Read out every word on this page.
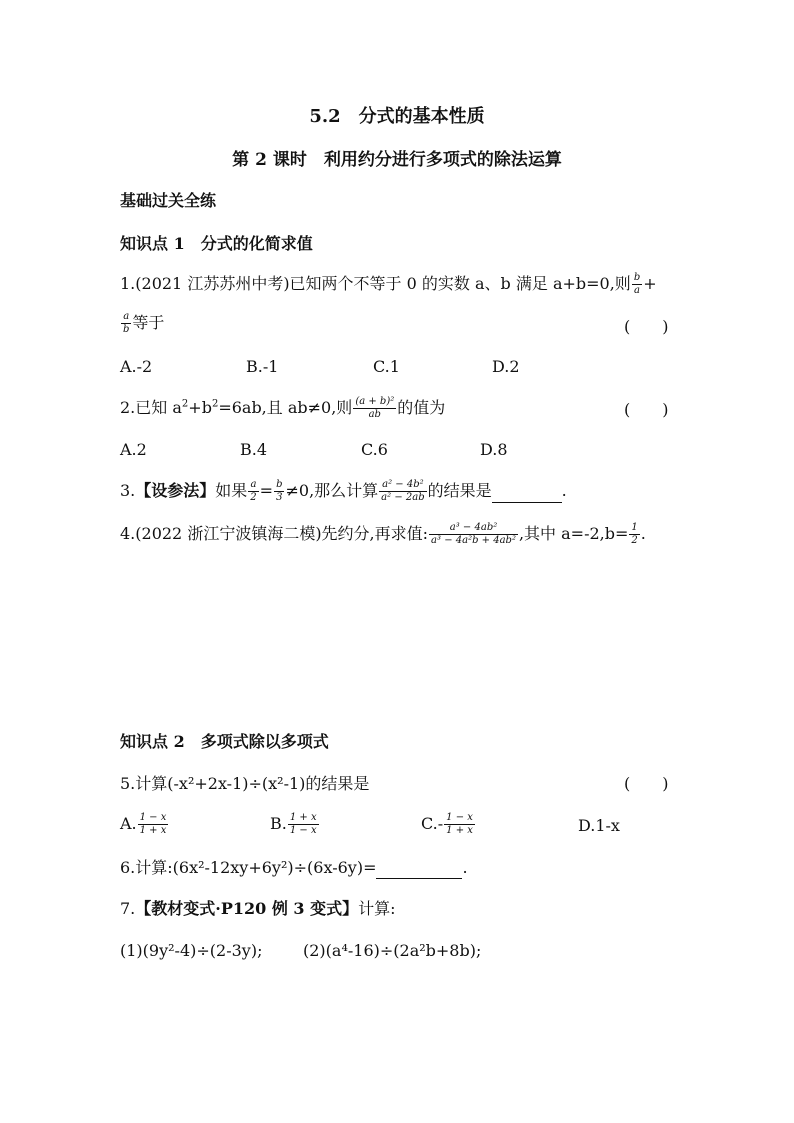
5.2　分式的基本性质
第 2 课时　利用约分进行多项式的除法运算
基础过关全练
知识点 1　分式的化简求值
1.(2021 江苏苏州中考)已知两个不等于 0 的实数 a、b 满足 a+b=0,则 $\frac{b}{a}$ +
$\frac{a}{b}$ 等于	(　　)
A.-2	B.-1	C.1	D.2
2.已知 $a^2+b^2=6ab$,且 ab≠0,则 $\frac{\text{(a + b)²}}{ab}$ 的值为	(　　)
A.2	B.4	C.6	D.8
3.【设参法】如果 $\frac{a}{2} = \frac{b}{3} \ne 0$,那么计算 $\frac{\text{a² − 4b²}}{\text{a² − 2ab}}$ 的结果是	.
4.(2022 浙江宁波镇海二模)先约分,再求值: $\frac{\text{a³ − 4ab²}}{\text{a³ − 4a²b + 4ab²}}$ ,其中 $a=-2,b= \frac{1}{2}$ .
知识点 2　多项式除以多项式
5.计算(-x²+2x-1)÷(x²-1)的结果是	(　　)
A. $\frac{1 - x}{1 + x}$	B. $\frac{1 + x}{1 - x}$	$C.- \frac{1 - x}{1 + x}$	D.1-x
6.计算:(6x²-12xy+6y²)÷(6x-6y)=	.
7.【教材变式·P120 例 3 变式】计算:
(1)(9y²-4)÷(2-3y);	(2)(a⁴-16)÷(2a²b+8b);
